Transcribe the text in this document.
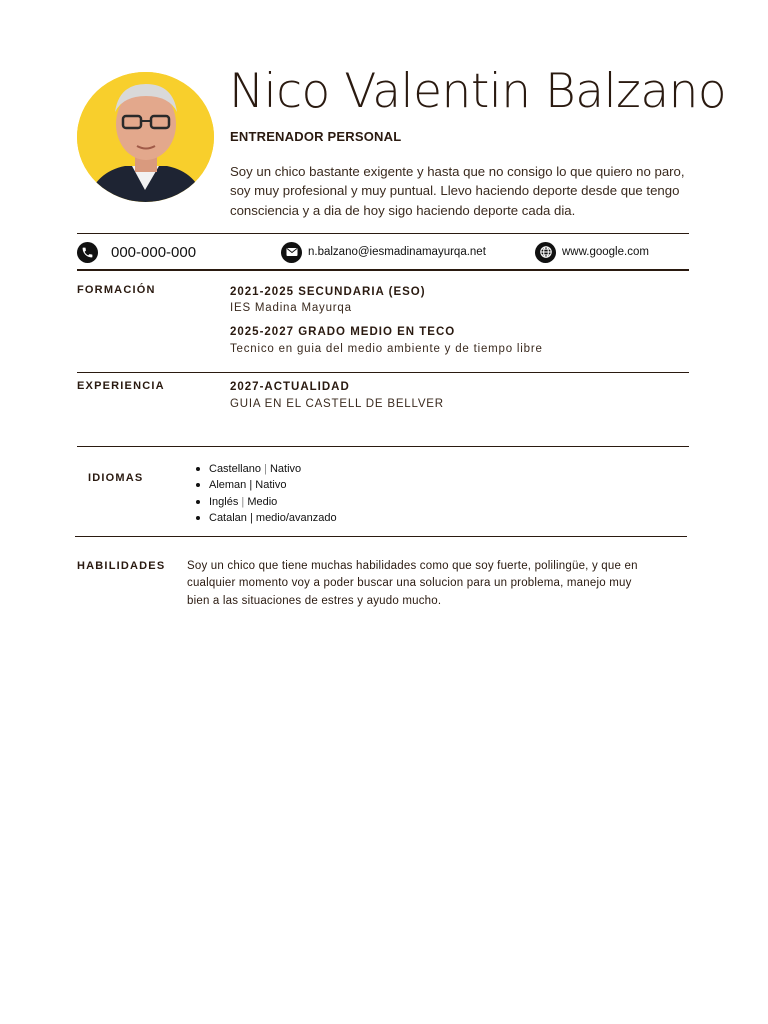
Nico Valentin Balzano
ENTRENADOR PERSONAL
Soy un chico bastante exigente y hasta que no consigo lo que quiero no paro, soy muy profesional y muy puntual. Llevo haciendo deporte desde que tengo consciencia y a dia de hoy sigo haciendo deporte cada dia.
000-000-000	n.balzano@iesmadinamayurqa.net	www.google.com
FORMACIÓN	2021-2025 SECUNDARIA (ESO)
IES Madina Mayurqa
2025-2027 GRADO MEDIO EN TECO
Tecnico en guia del medio ambiente y de tiempo libre
EXPERIENCIA	2027-ACTUALIDAD
GUIA EN EL CASTELL DE BELLVER
IDIOMAS
Castellano | Nativo
Aleman | Nativo
Inglés | Medio
Catalan | medio/avanzado
HABILIDADES Soy un chico que tiene muchas habilidades como que soy fuerte, polilingüe, y que en cualquier momento voy a poder buscar una solucion para un problema, manejo muy bien a las situaciones de estres y ayudo mucho.
